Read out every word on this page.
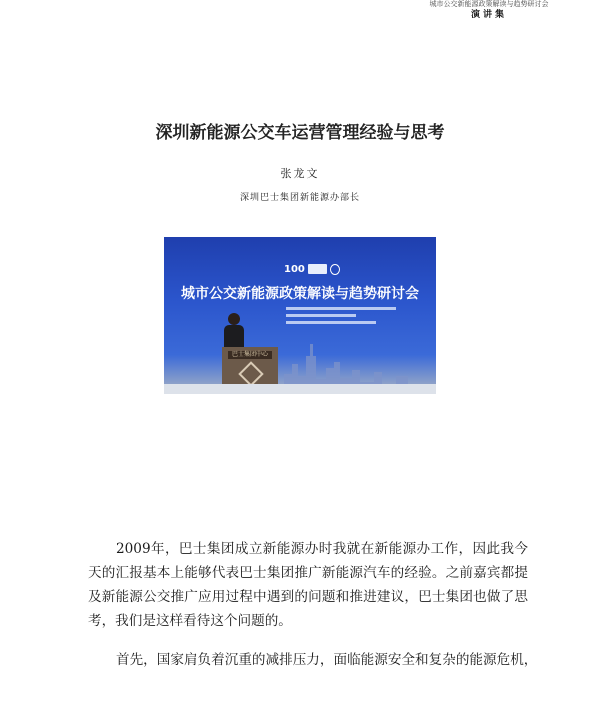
城市公交新能源政策解读与趋势研讨会
演讲集
深圳新能源公交车运营管理经验与思考
张龙文
深圳巴士集团新能源办部长
100
城市公交新能源政策解读与趋势研讨会
巴士集团中心

2009年，巴士集团成立新能源办时我就在新能源办工作，因此我今天的汇报基本上能够代表巴士集团推广新能源汽车的经验。之前嘉宾都提及新能源公交推广应用过程中遇到的问题和推进建议，巴士集团也做了思考，我们是这样看待这个问题的。

首先，国家肩负着沉重的减排压力，面临能源安全和复杂的能源危机，
